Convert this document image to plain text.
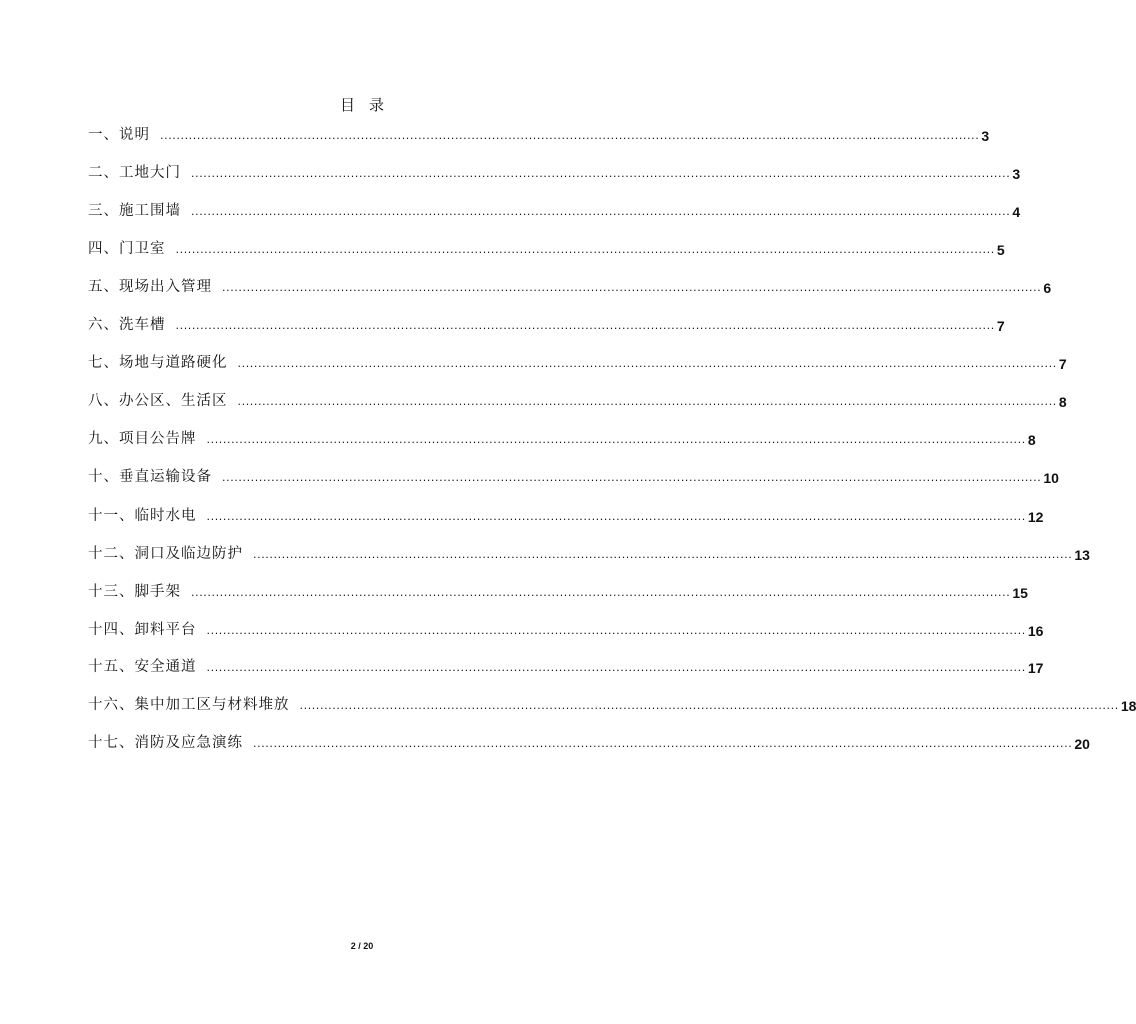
目录
一、说明 ........................................................................................................................................................................................................ 3
二、工地大门 ........................................................................................................................................................................................................ 3
三、施工围墙 ........................................................................................................................................................................................................ 4
四、门卫室 ........................................................................................................................................................................................................ 5
五、现场出入管理 ........................................................................................................................................................................................................ 6
六、洗车槽 ........................................................................................................................................................................................................ 7
七、场地与道路硬化 ........................................................................................................................................................................................................ 7
八、办公区、生活区 ........................................................................................................................................................................................................ 8
九、项目公告牌 ........................................................................................................................................................................................................ 8
十、垂直运输设备 ........................................................................................................................................................................................................ 10
十一、临时水电 ........................................................................................................................................................................................................ 12
十二、洞口及临边防护 ........................................................................................................................................................................................................ 13
十三、脚手架 ........................................................................................................................................................................................................ 15
十四、卸料平台 ........................................................................................................................................................................................................ 16
十五、安全通道 ........................................................................................................................................................................................................ 17
十六、集中加工区与材料堆放 ........................................................................................................................................................................................................ 18
十七、消防及应急演练 ........................................................................................................................................................................................................ 20
2 / 20
